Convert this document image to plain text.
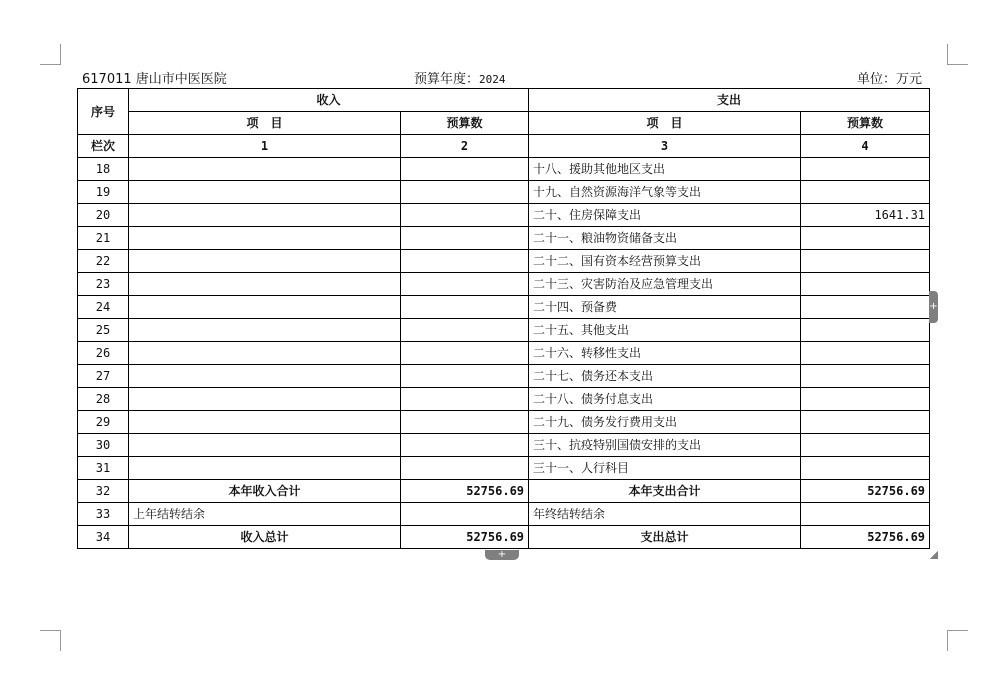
617011 唐山市中医医院	预算年度：2024	单位：万元
序号	收入		支出	
	项　目	预算数	项　目	预算数
栏次	1	2	3	4
18			十八、援助其他地区支出	
19			十九、自然资源海洋气象等支出	
20			二十、住房保障支出	1641.31
21			二十一、粮油物资储备支出	
22			二十二、国有资本经营预算支出	
23			二十三、灾害防治及应急管理支出	
24			二十四、预备费	
25			二十五、其他支出	
26			二十六、转移性支出	
27			二十七、债务还本支出	
28			二十八、债务付息支出	
29			二十九、债务发行费用支出	
30			三十、抗疫特别国债安排的支出	
31			三十一、人行科目	
32	本年收入合计	52756.69	本年支出合计	52756.69
33	上年结转结余		年终结转结余	
34	收入总计	52756.69	支出总计	52756.69
+
+
